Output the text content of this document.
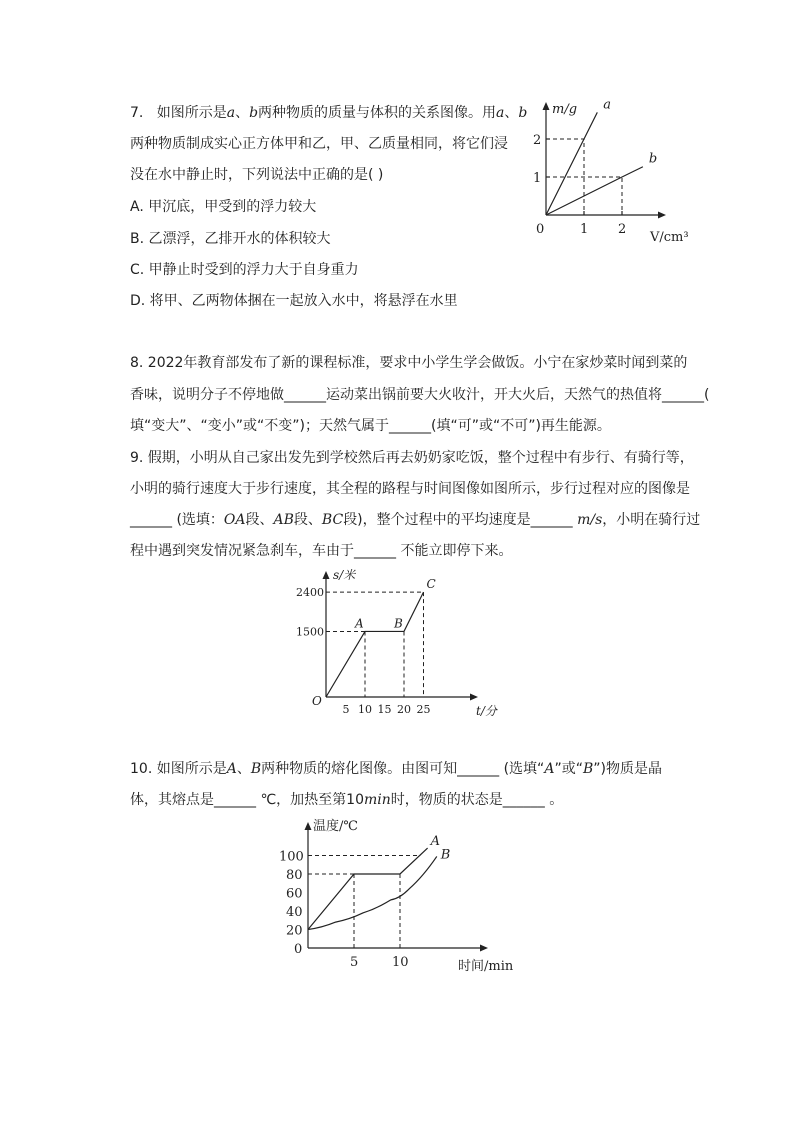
7. 如图所示是a、b两种物质的质量与体积的关系图像。用a、b
两种物质制成实心正方体甲和乙，甲、乙质量相同，将它们浸
没在水中静止时，下列说法中正确的是( )
A. 甲沉底，甲受到的浮力较大
B. 乙漂浮，乙排开水的体积较大
C. 甲静止时受到的浮力大于自身重力
D. 将甲、乙两物体捆在一起放入水中，将悬浮在水里
m/g
V/cm³
0	1 2
1
2
a
b
8. 2022年教育部发布了新的课程标准，要求中小学生学会做饭。小宁在家炒菜时闻到菜的
香味，说明分子不停地做______运动菜出锅前要大火收汁，开大火后，天然气的热值将______(
填“变大”、“变小”或“不变”)；天然气属于______(填“可”或“不可”)再生能源。
9. 假期，小明从自己家出发先到学校然后再去奶奶家吃饭，整个过程中有步行、有骑行等，
小明的骑行速度大于步行速度，其全程的路程与时间图像如图所示，步行过程对应的图像是
______ (选填：OA段、AB段、BC段)，整个过程中的平均速度是______ m/s，小明在骑行过
程中遇到突发情况紧急刹车，车由于______ 不能立即停下来。
s/米
t/分
O
5 10 15 20 25
1500
2400
A	B
C
10. 如图所示是A、B两种物质的熔化图像。由图可知______ (选填“A”或“B”)物质是晶
体，其熔点是______ ℃，加热至第10min时，物质的状态是______ 。
温度/℃
时间/min
0
20
40
60
80
100
5	10
A
B
